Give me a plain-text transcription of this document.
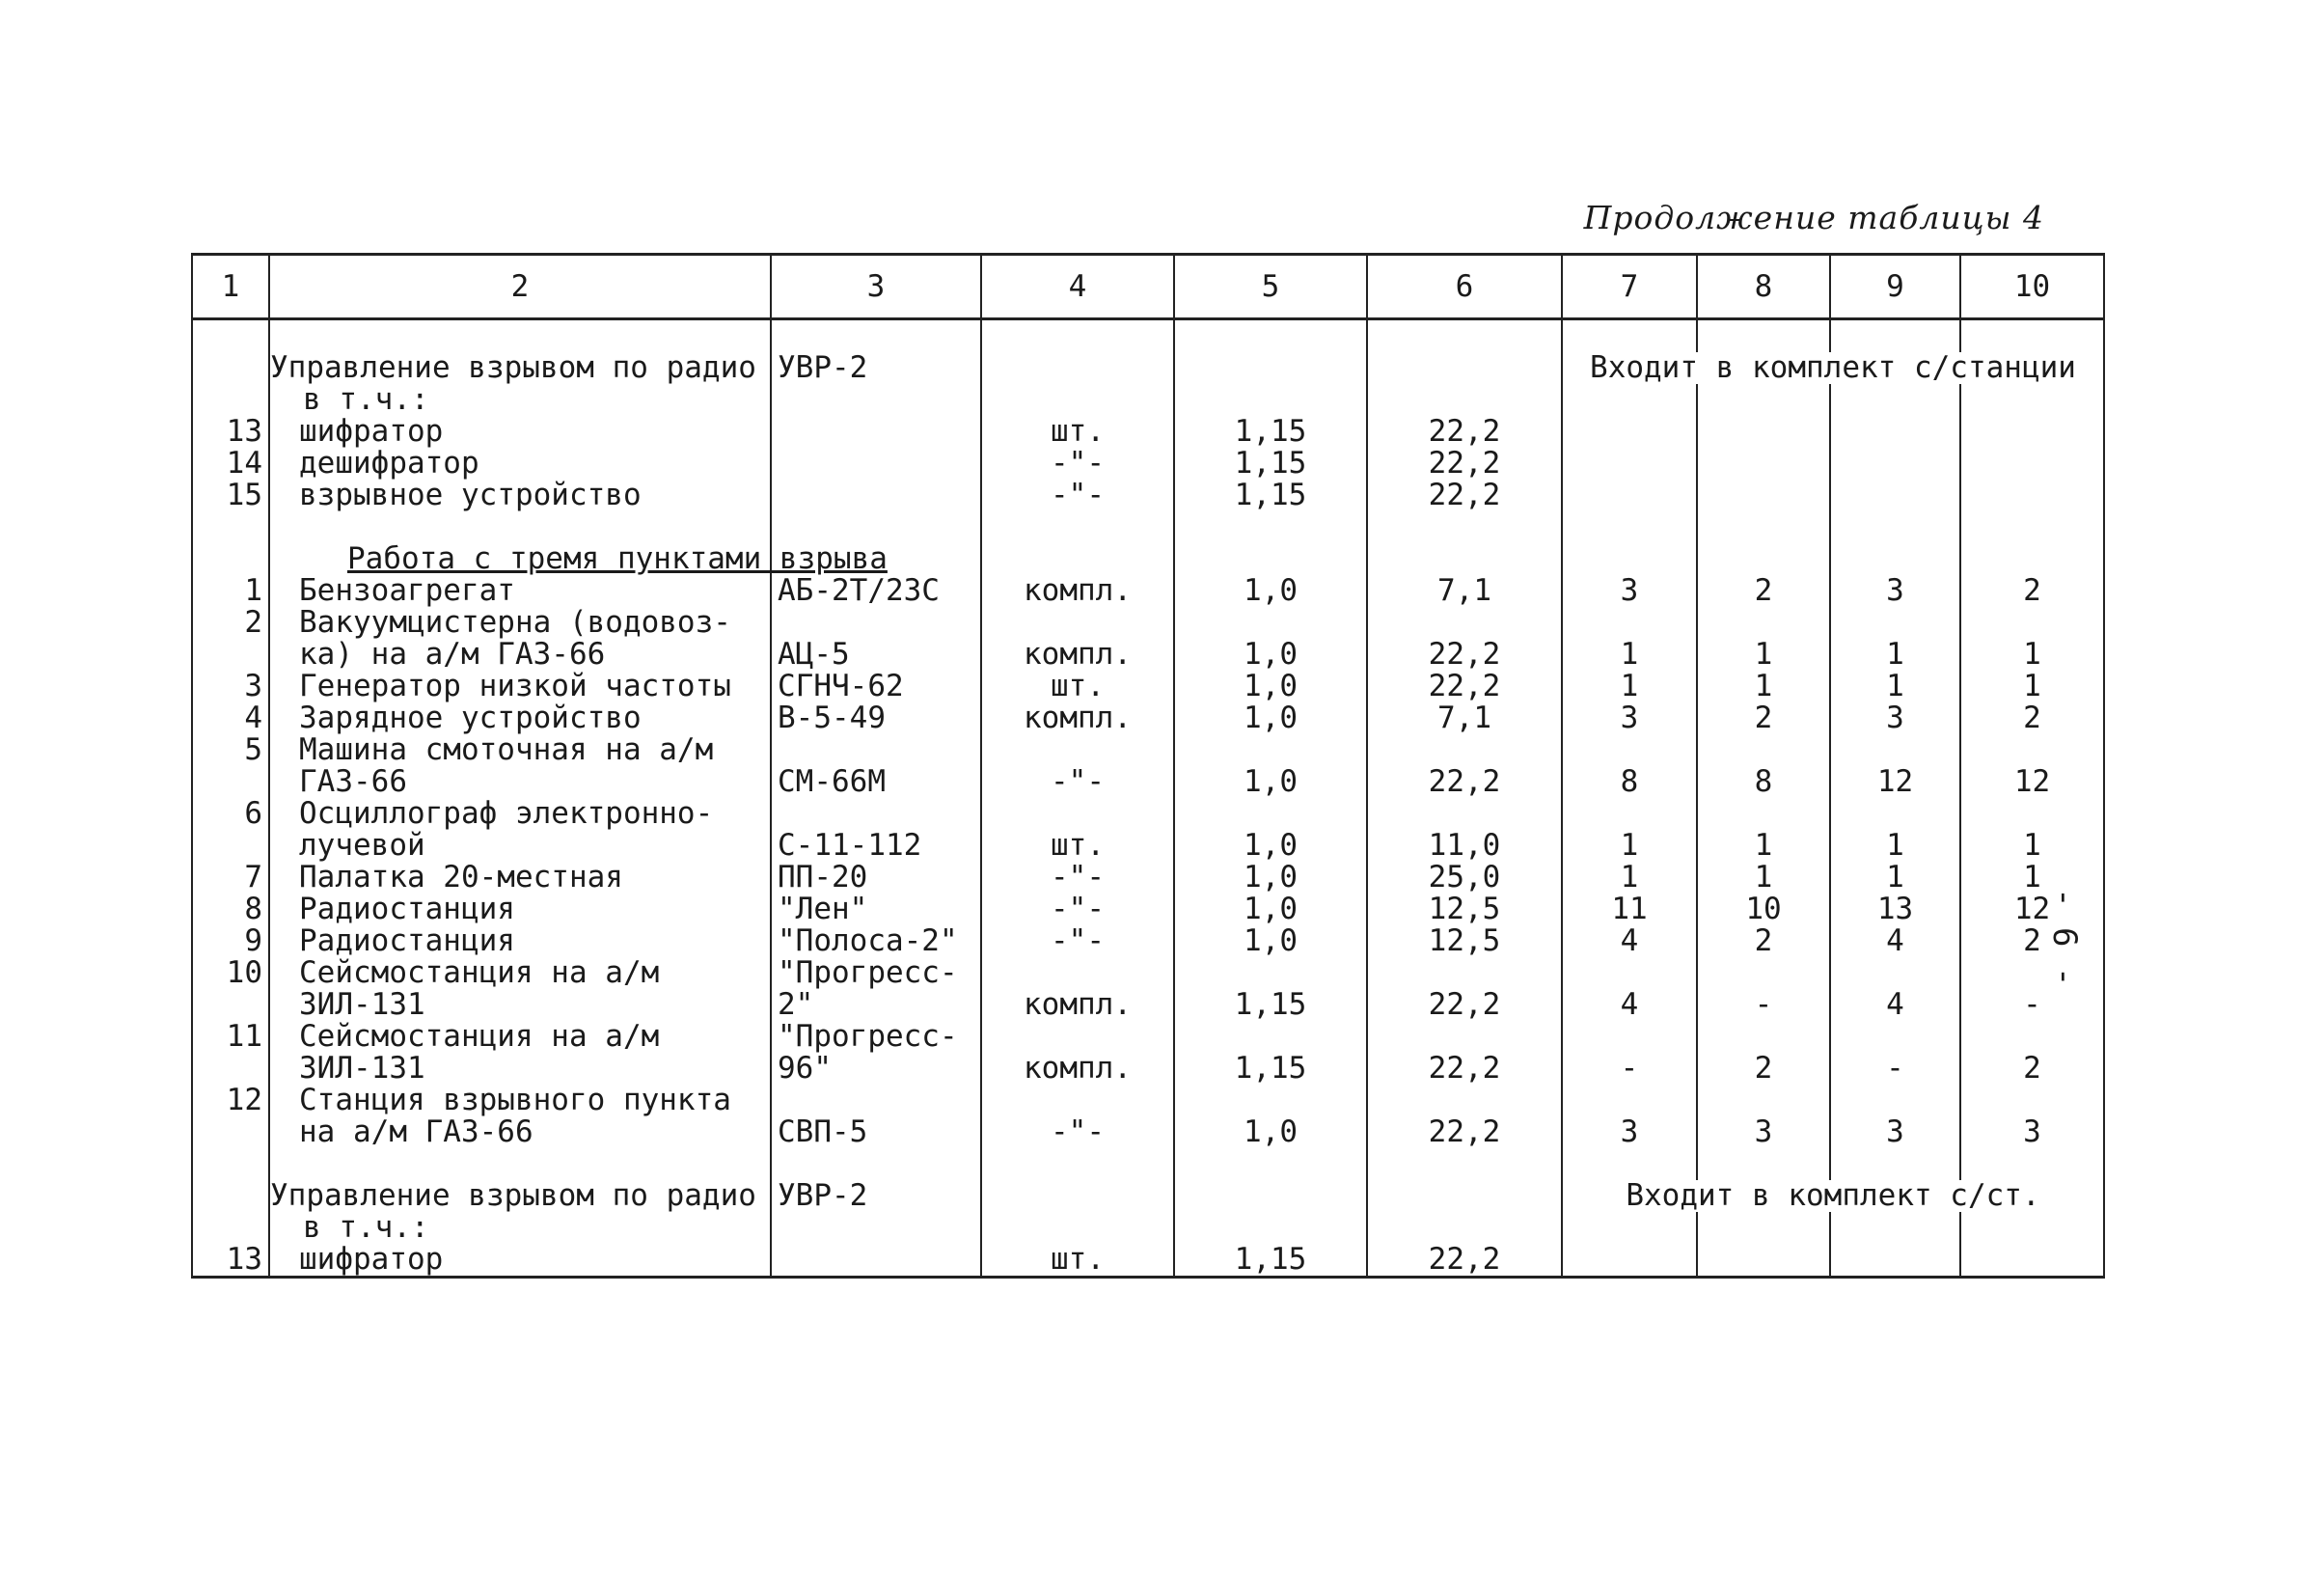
Продолжение таблицы 4
1	2	3	4	5	6	7	8	9	10

	Управление взрывом по радио	УВР-2				Входит в комплект с/станции			
	в т.ч.:								
13	шифратор		шт.	1,15	22,2				
14	дешифратор		-"-	1,15	22,2				
15	взрывное устройство		-"-	1,15	22,2				

	Работа с тремя пунктами взрыва								
1	Бензоагрегат	АБ-2Т/23С	компл.	1,0	7,1	3	2	3	2
2	Вакуумцистерна (водовоз-								
	ка) на а/м ГАЗ-66	АЦ-5	компл.	1,0	22,2	1	1	1	1
3	Генератор низкой частоты	СГНЧ-62	шт.	1,0	22,2	1	1	1	1
4	Зарядное устройство	В-5-49	компл.	1,0	7,1	3	2	3	2
5	Машина смоточная на а/м								
	ГАЗ-66	СМ-66М	-"-	1,0	22,2	8	8	12	12
6	Осциллограф электронно-								
	лучевой	С-11-112	шт.	1,0	11,0	1	1	1	1
7	Палатка 20-местная	ПП-20	-"-	1,0	25,0	1	1	1	1
8	Радиостанция	"Лен"	-"-	1,0	12,5	11	10	13	12
9	Радиостанция	"Полоса-2"	-"-	1,0	12,5	4	2	4	2
10	Сейсмостанция на а/м	"Прогресс-							
	ЗИЛ-131	2"	компл.	1,15	22,2	4	-	4	-
11	Сейсмостанция на а/м	"Прогресс-							
	ЗИЛ-131	96"	компл.	1,15	22,2	-	2	-	2
12	Станция взрывного пункта								
	на а/м ГАЗ-66	СВП-5	-"-	1,0	22,2	3	3	3	3

	Управление взрывом по радио	УВР-2				Входит в комплект с/ст.			
	в т.ч.:								
13	шифратор		шт.	1,15	22,2				
- 6 -
